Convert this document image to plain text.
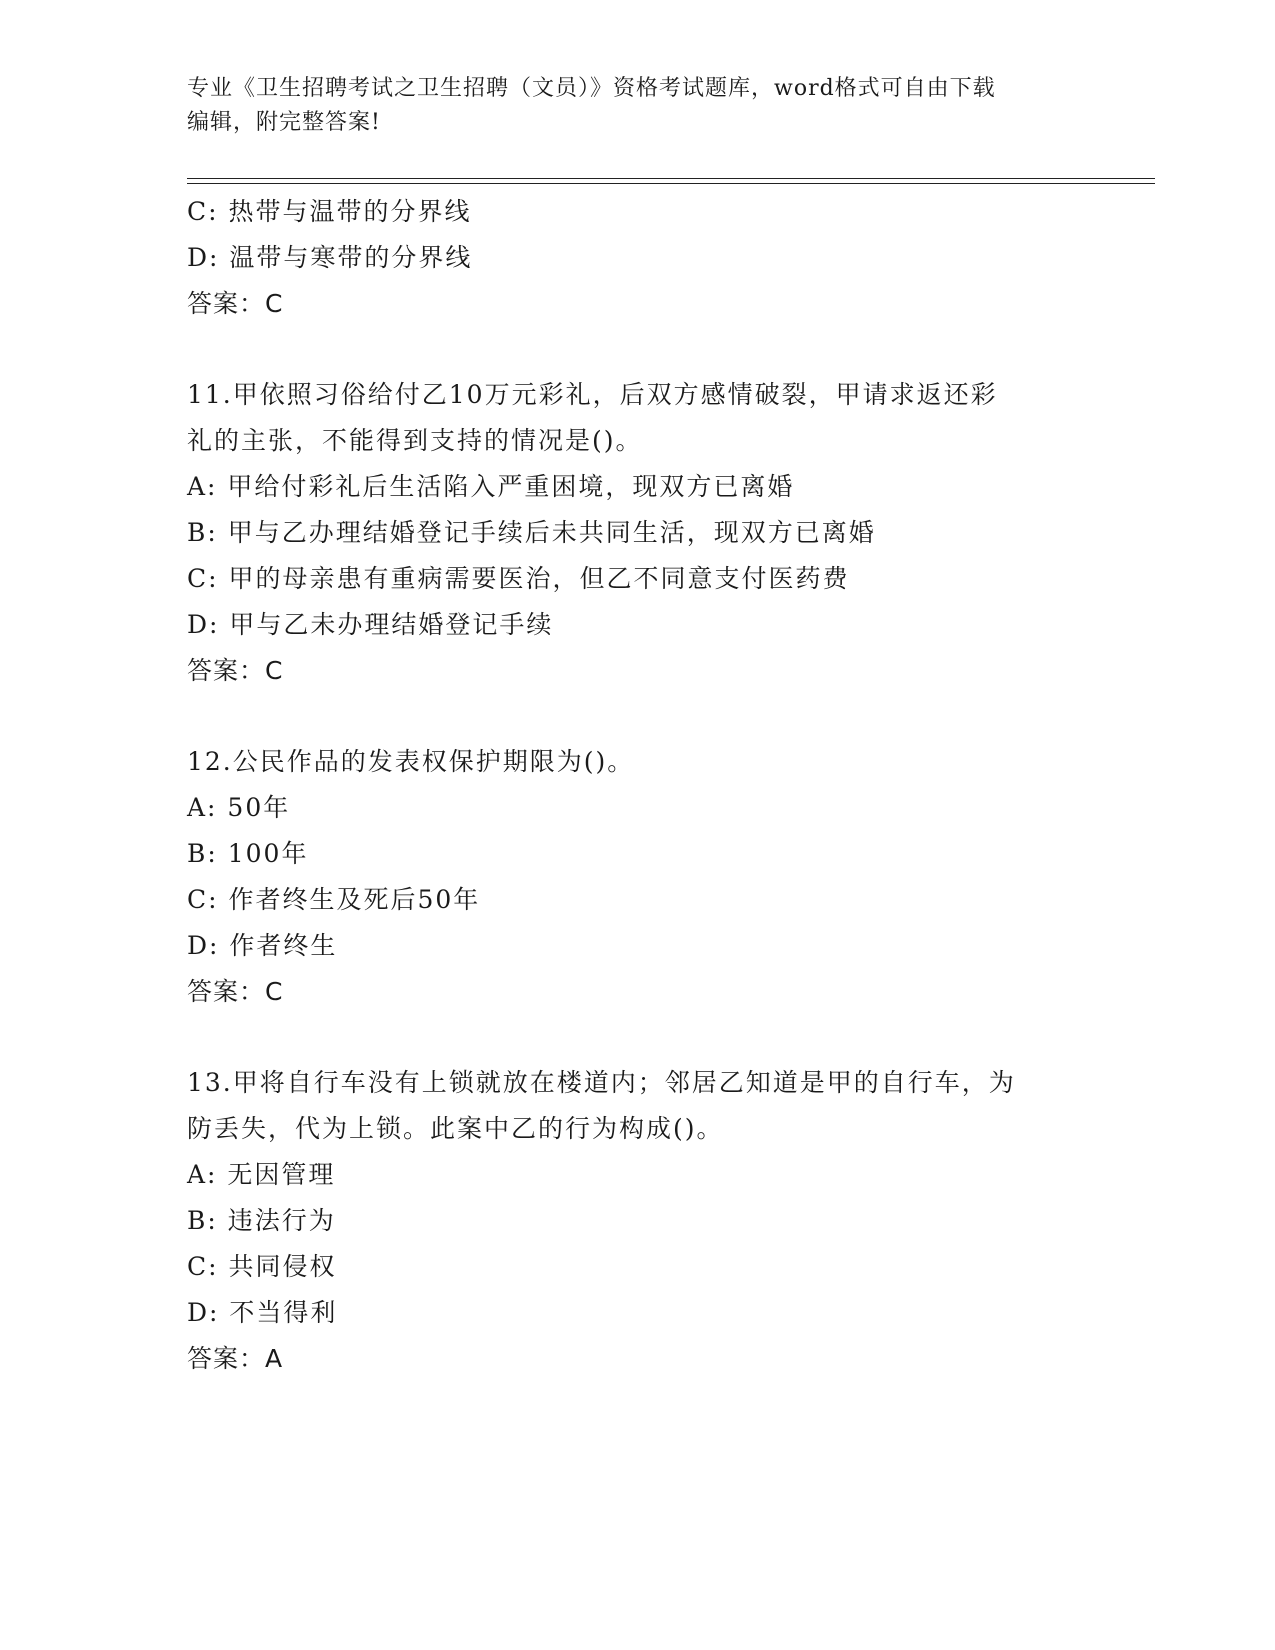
专业《卫生招聘考试之卫生招聘（文员）》资格考试题库，word格式可自由下载
编辑，附完整答案!
C: 热带与温带的分界线
D: 温带与寒带的分界线
答案：C
11.甲依照习俗给付乙10万元彩礼，后双方感情破裂，甲请求返还彩
礼的主张，不能得到支持的情况是()。
A: 甲给付彩礼后生活陷入严重困境，现双方已离婚
B: 甲与乙办理结婚登记手续后未共同生活，现双方已离婚
C: 甲的母亲患有重病需要医治，但乙不同意支付医药费
D: 甲与乙未办理结婚登记手续
答案：C
12.公民作品的发表权保护期限为()。
A: 50年
B: 100年
C: 作者终生及死后50年
D: 作者终生
答案：C
13.甲将自行车没有上锁就放在楼道内；邻居乙知道是甲的自行车，为
防丢失，代为上锁。此案中乙的行为构成()。
A: 无因管理
B: 违法行为
C: 共同侵权
D: 不当得利
答案：A
